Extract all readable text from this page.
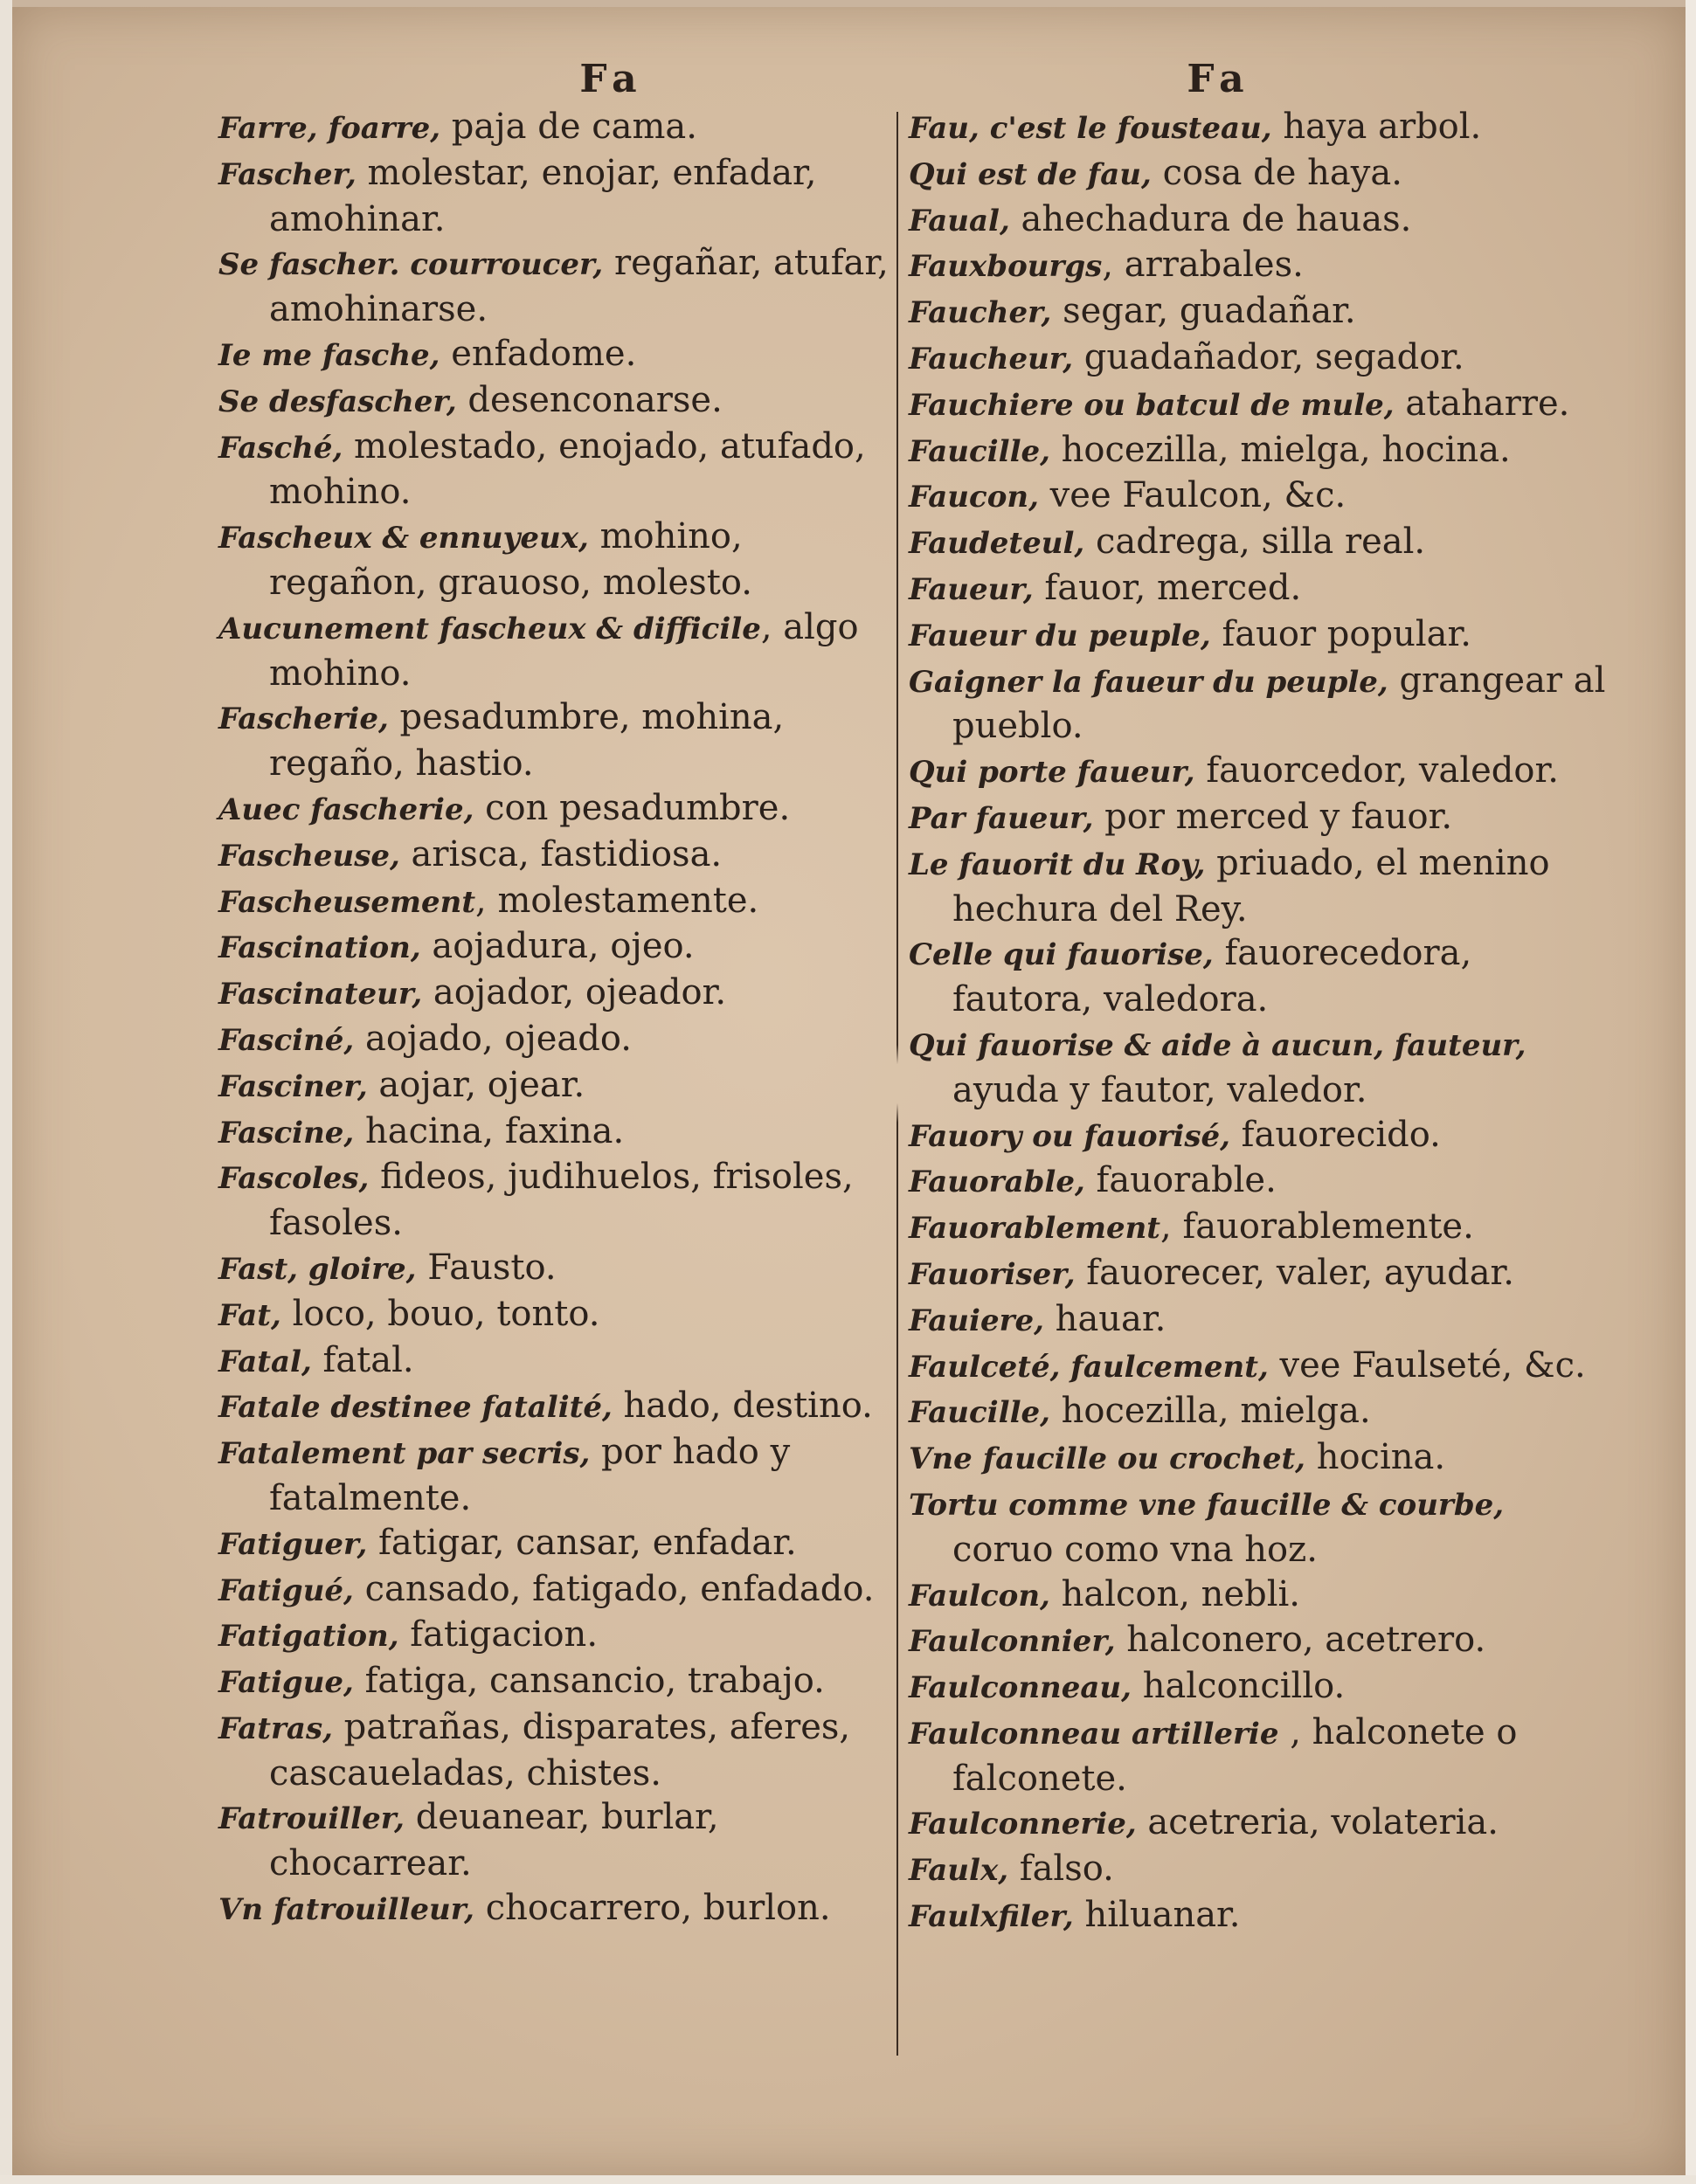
Fa
Farre, foarre, paja de cama.
Fascher, molestar, enojar, enfadar, amohinar.
Se fascher. courroucer, regañar, atufar, amohinarse.
Ie me fasche, enfadome.
Se desfascher, desenconarse.
Fasché, molestado, enojado, atufado, mohino.
Fascheux & ennuyeux, mohino, regañon, grauoso, molesto.
Aucunement fascheux & difficile, algo mohino.
Fascherie, pesadumbre, mohina, regaño, hastio.
Auec fascherie, con pesadumbre.
Fascheuse, arisca, fastidiosa.
Fascheusement, molestamente.
Fascination, aojadura, ojeo.
Fascinateur, aojador, ojeador.
Fasciné, aojado, ojeado.
Fasciner, aojar, ojear.
Fascine, hacina, faxina.
Fascoles, fideos, judihuelos, frisoles, fasoles.
Fast, gloire, Fausto.
Fat, loco, bouo, tonto.
Fatal, fatal.
Fatale destinee fatalité, hado, destino.
Fatalement par secris, por hado y fatalmente.
Fatiguer, fatigar, cansar, enfadar.
Fatigué, cansado, fatigado, enfadado.
Fatigation, fatigacion.
Fatigue, fatiga, cansancio, trabajo.
Fatras, patrañas, disparates, aferes, cascaueladas, chistes.
Fatrouiller, deuanear, burlar, chocarrear.
Vn fatrouilleur, chocarrero, burlon.
Fa
Fau, c'est le fousteau, haya arbol.
Qui est de fau, cosa de haya.
Faual, ahechadura de hauas.
Fauxbourgs, arrabales.
Faucher, segar, guadañar.
Faucheur, guadañador, segador.
Fauchiere ou batcul de mule, ataharre.
Faucille, hocezilla, mielga, hocina.
Faucon, vee Faulcon, &c.
Faudeteul, cadrega, silla real.
Faueur, fauor, merced.
Faueur du peuple, fauor popular.
Gaigner la faueur du peuple, grangear al pueblo.
Qui porte faueur, fauorcedor, valedor.
Par faueur, por merced y fauor.
Le fauorit du Roy, priuado, el menino hechura del Rey.
Celle qui fauorise, fauorecedora, fautora, valedora.
Qui fauorise & aide à aucun, fauteur, ayuda y fautor, valedor.
Fauory ou fauorisé, fauorecido.
Fauorable, fauorable.
Fauorablement, fauorablemente.
Fauoriser, fauorecer, valer, ayudar.
Fauiere, hauar.
Faulceté, faulcement, vee Faulseté, &c.
Faucille, hocezilla, mielga.
Vne faucille ou crochet, hocina.
Tortu comme vne faucille & courbe, coruo como vna hoz.
Faulcon, halcon, nebli.
Faulconnier, halconero, acetrero.
Faulconneau, halconcillo.
Faulconneau artillerie , halconete o falconete.
Faulconnerie, acetreria, volateria.
Faulx, falso.
Faulxfiler, hiluanar.
